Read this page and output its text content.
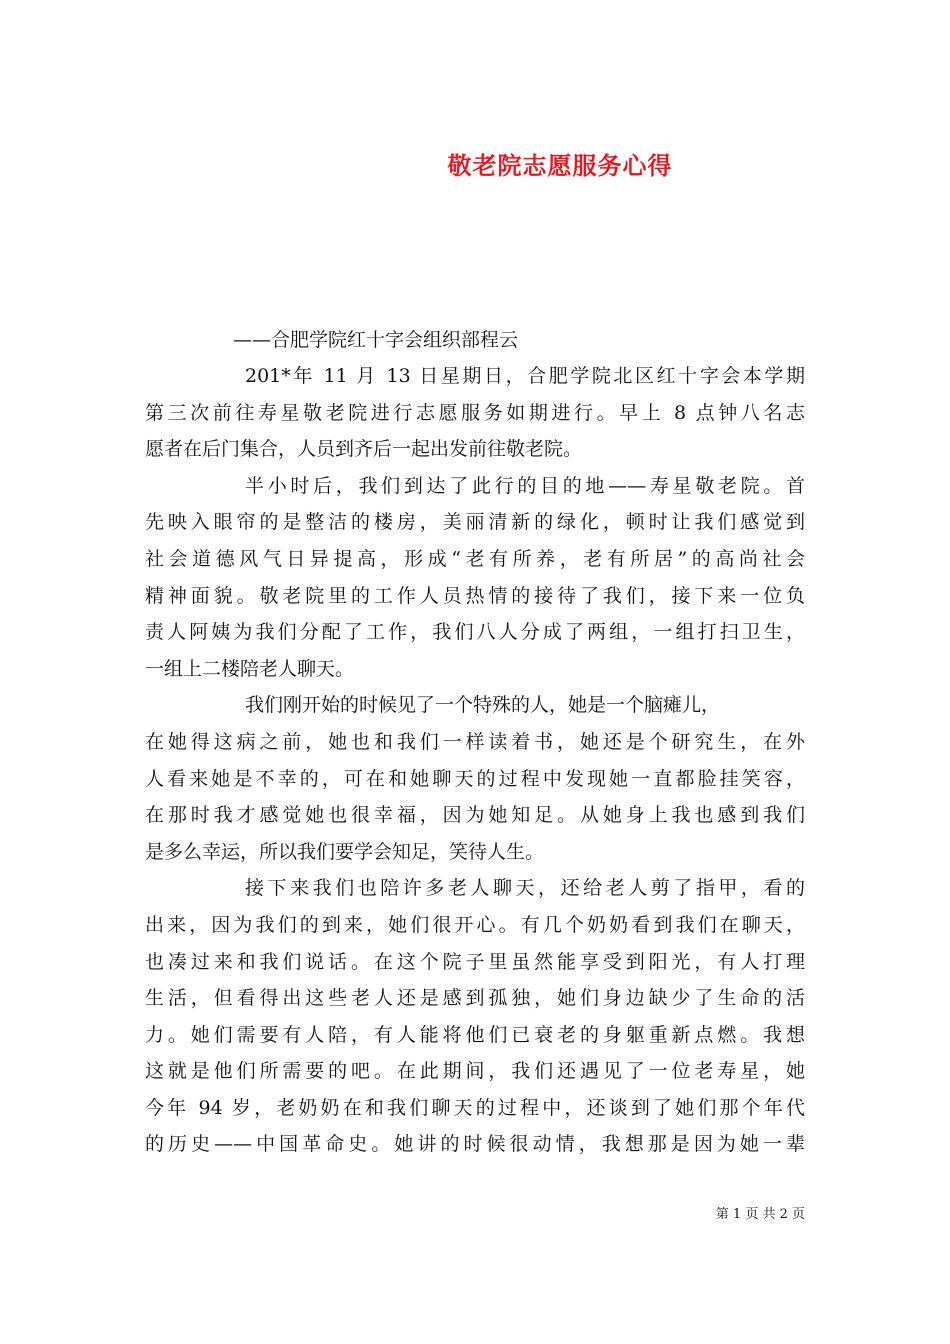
敬老院志愿服务心得
——合肥学院红十字会组织部程云
201*年 11 月 13 日星期日，合肥学院北区红十字会本学期
第三次前往寿星敬老院进行志愿服务如期进行。早上 8 点钟八名志
愿者在后门集合，人员到齐后一起出发前往敬老院。
半小时后，我们到达了此行的目的地——寿星敬老院。首
先映入眼帘的是整洁的楼房，美丽清新的绿化，顿时让我们感觉到
社会道德风气日异提高，形成“老有所养，老有所居”的高尚社会
精神面貌。敬老院里的工作人员热情的接待了我们，接下来一位负
责人阿姨为我们分配了工作，我们八人分成了两组，一组打扫卫生，
一组上二楼陪老人聊天。
我们刚开始的时候见了一个特殊的人，她是一个脑瘫儿，
在她得这病之前，她也和我们一样读着书，她还是个研究生，在外
人看来她是不幸的，可在和她聊天的过程中发现她一直都脸挂笑容，
在那时我才感觉她也很幸福，因为她知足。从她身上我也感到我们
是多么幸运，所以我们要学会知足，笑待人生。
接下来我们也陪许多老人聊天，还给老人剪了指甲，看的
出来，因为我们的到来，她们很开心。有几个奶奶看到我们在聊天，
也凑过来和我们说话。在这个院子里虽然能享受到阳光，有人打理
生活，但看得出这些老人还是感到孤独，她们身边缺少了生命的活
力。她们需要有人陪，有人能将他们已衰老的身躯重新点燃。我想
这就是他们所需要的吧。在此期间，我们还遇见了一位老寿星，她
今年 94 岁，老奶奶在和我们聊天的过程中，还谈到了她们那个年代
的历史——中国革命史。她讲的时候很动情，我想那是因为她一辈
第 1 页 共 2 页
